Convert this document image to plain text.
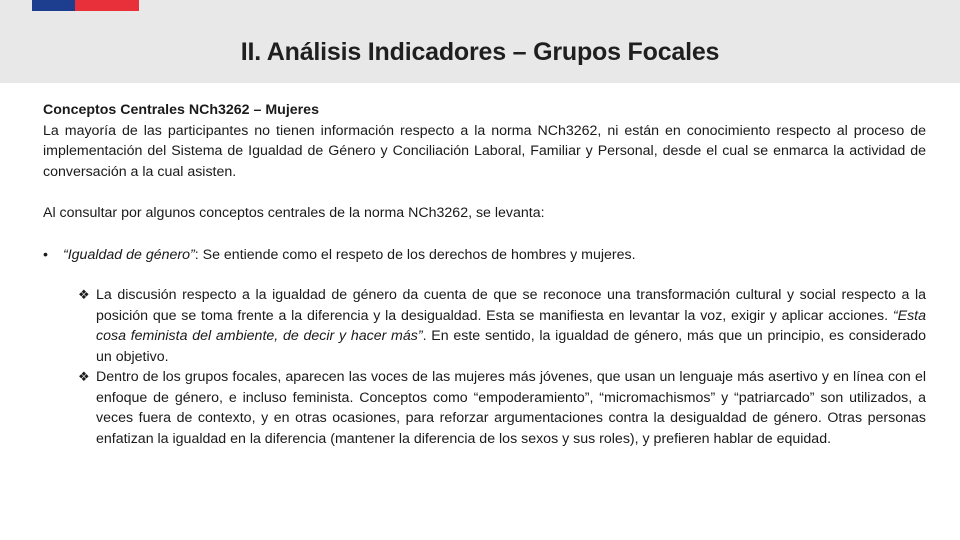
II. Análisis Indicadores – Grupos Focales

Conceptos Centrales NCh3262 – Mujeres

La mayoría de las participantes no tienen información respecto a la norma NCh3262, ni están en conocimiento respecto al proceso de implementación del Sistema de Igualdad de Género y Conciliación Laboral, Familiar y Personal, desde el cual se enmarca la actividad de conversación a la cual asisten.

Al consultar por algunos conceptos centrales de la norma NCh3262, se levanta:

• “Igualdad de género”: Se entiende como el respeto de los derechos de hombres y mujeres.

❖ La discusión respecto a la igualdad de género da cuenta de que se reconoce una transformación cultural y social respecto a la posición que se toma frente a la diferencia y la desigualdad. Esta se manifiesta en levantar la voz, exigir y aplicar acciones. “Esta cosa feminista del ambiente, de decir y hacer más”. En este sentido, la igualdad de género, más que un principio, es considerado un objetivo.

❖ Dentro de los grupos focales, aparecen las voces de las mujeres más jóvenes, que usan un lenguaje más asertivo y en línea con el enfoque de género, e incluso feminista. Conceptos como “empoderamiento”, “micromachismos” y “patriarcado” son utilizados, a veces fuera de contexto, y en otras ocasiones, para reforzar argumentaciones contra la desigualdad de género. Otras personas enfatizan la igualdad en la diferencia (mantener la diferencia de los sexos y sus roles), y prefieren hablar de equidad.
